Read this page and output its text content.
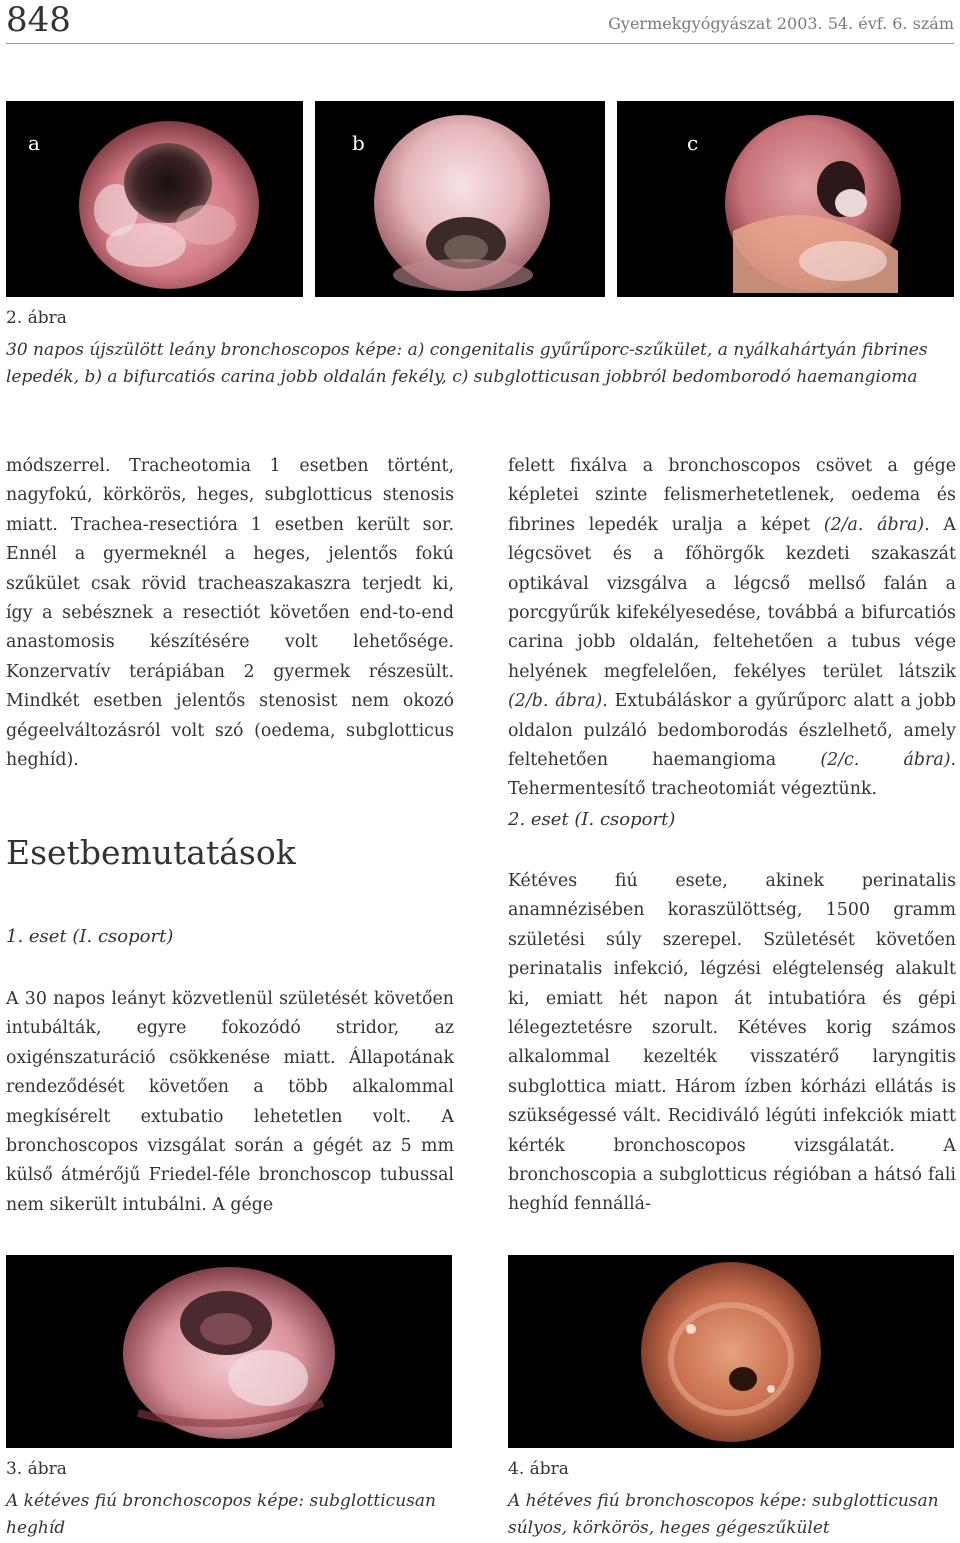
848	Gyermekgyógyászat 2003. 54. évf. 6. szám
a	b	c
2. ábra
30 napos újszülött leány bronchoscopos képe: a) congenitalis gyűrűporc-szűkület, a nyálkahártyán fibrines
lepedék, b) a bifurcatiós carina jobb oldalán fekély, c) subglotticusan jobbról bedomborodó haemangioma

módszerrel. Tracheotomia 1 esetben történt, nagyfokú, körkörös, heges, subglotticus stenosis miatt. Trachea-resectióra 1 esetben került sor. Ennél a gyermeknél a heges, jelentős fokú szűkület csak rövid tracheaszakaszra terjedt ki, így a sebésznek a resectiót követően end-to-end anastomosis készítésére volt lehetősége. Konzervatív terápiában 2 gyermek részesült. Mindkét esetben jelentős stenosist nem okozó gégeelváltozásról volt szó (oedema, subglotticus heghíd).

Esetbemutatások
1. eset (I. csoport)

A 30 napos leányt közvetlenül születését követően intubálták, egyre fokozódó stridor, az oxigénszaturáció csökkenése miatt. Állapotának rendeződését követően a több alkalommal megkísérelt extubatio lehetetlen volt. A bronchoscopos vizsgálat során a gégét az 5 mm külső átmérőjű Friedel-féle bronchoscop tubussal nem sikerült intubálni. A gége

felett fixálva a bronchoscopos csövet a gége képletei szinte felismerhetetlenek, oedema és fibrines lepedék uralja a képet (2/a. ábra). A légcsövet és a főhörgők kezdeti szakaszát optikával vizsgálva a légcső mellső falán a porcgyűrűk kifekélyesedése, továbbá a bifurcatiós carina jobb oldalán, feltehetően a tubus vége helyének megfelelően, fekélyes terület látszik (2/b. ábra). Extubáláskor a gyűrűporc alatt a jobb oldalon pulzáló bedomborodás észlelhető, amely feltehetően haemangioma (2/c. ábra). Tehermentesítő tracheotomiát végeztünk.

2. eset (I. csoport)

Kétéves fiú esete, akinek perinatalis anamnézisében koraszülöttség, 1500 gramm születési súly szerepel. Születését követően perinatalis infekció, légzési elégtelenség alakult ki, emiatt hét napon át intubatióra és gépi lélegeztetésre szorult. Kétéves korig számos alkalommal kezelték visszatérő laryngitis subglottica miatt. Három ízben kórházi ellátás is szükségessé vált. Recidiváló légúti infekciók miatt kérték bronchoscopos vizsgálatát. A bronchoscopia a subglotticus régióban a hátsó fali heghíd fennállá-

3. ábra
A kétéves fiú bronchoscopos képe: subglotticusan
heghíd
4. ábra
A hétéves fiú bronchoscopos képe: subglotticusan
súlyos, körkörös, heges gégeszűkület
